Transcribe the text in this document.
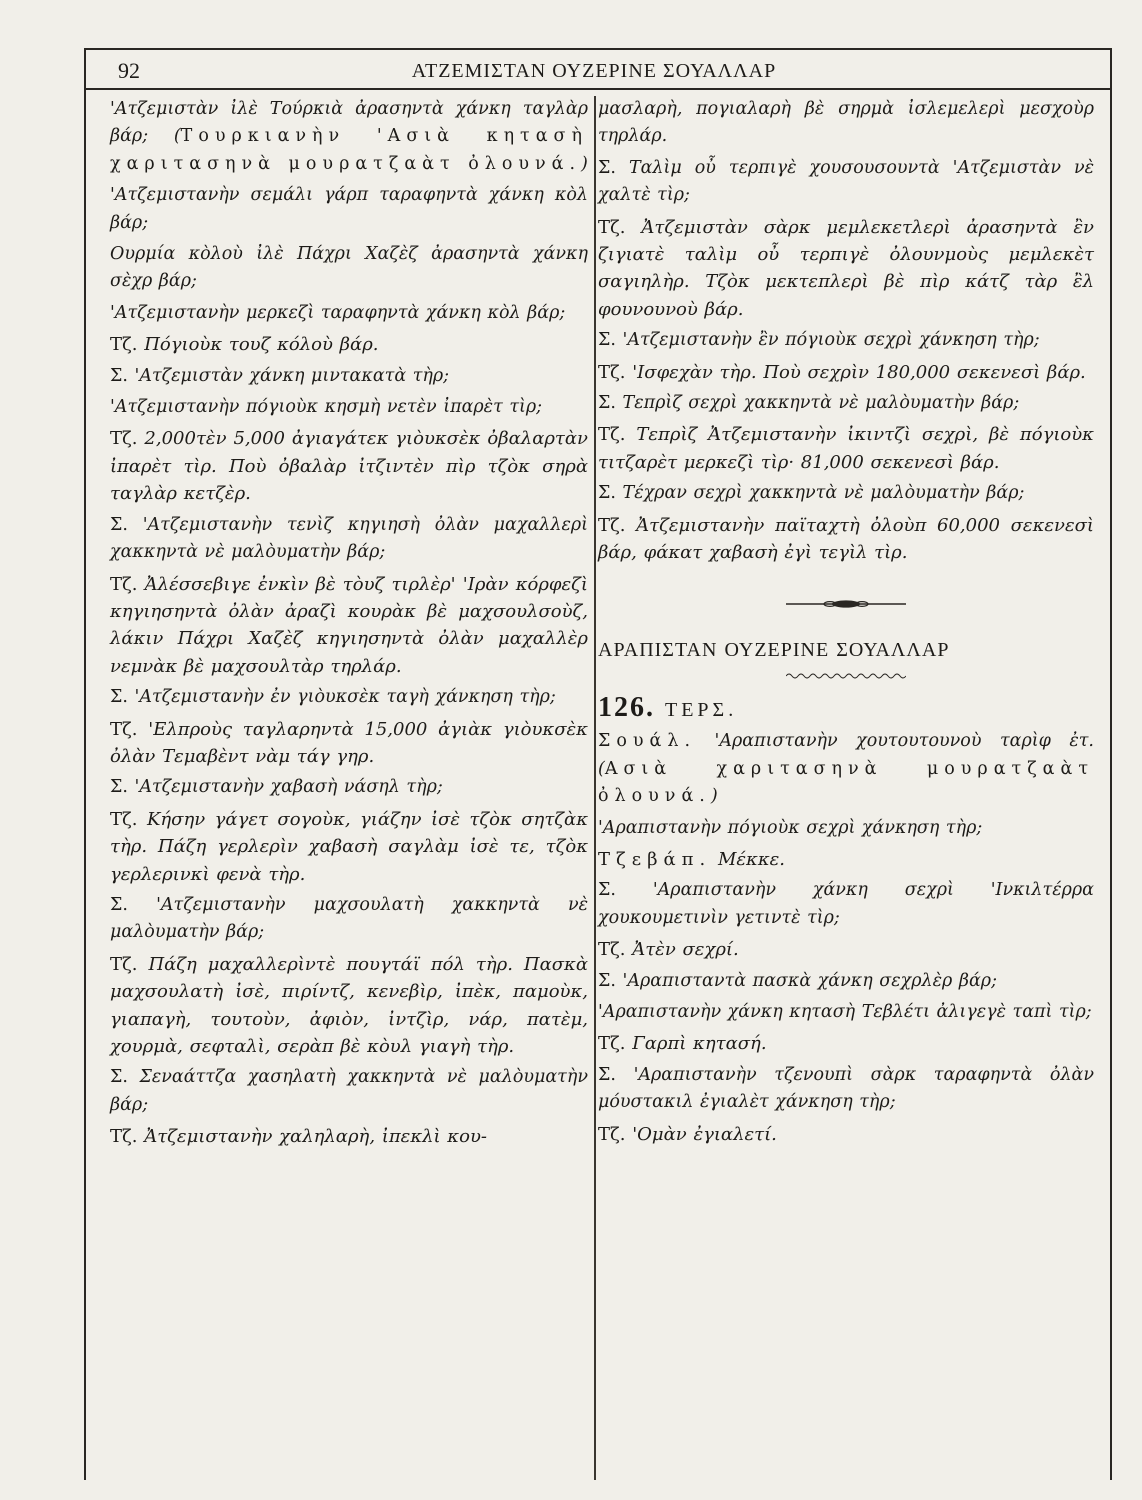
92	ΑΤΖΕΜΙΣΤΑΝ ΟΥΖΕΡΙΝΕ ΣΟΥΑΛΛΑΡ

'Ατζεμιστὰν ἰλὲ Τούρκιὰ ἀρασηντὰ χάνκη ταγλὰρ βάρ; (Τουρκιανὴν 'Ασιὰ κητασὴ χαριτασηνὰ μουρατζαὰτ ὀλουνά.)

'Ατζεμιστανὴν σεμάλι γάρπ ταραφηντὰ χάνκη κὸλ βάρ;

Ουρμία κὸλοὺ ἰλὲ Πάχρι Χαζὲζ ἀρασηντὰ χάνκη σὲχρ βάρ;

'Ατζεμιστανὴν μερκεζὶ ταραφηντὰ χάνκη κὸλ βάρ;

Τζ. Πόγιοὺκ τουζ κόλοὺ βάρ.

Σ. 'Ατζεμιστὰν χάνκη μιντακατὰ τὴρ;

'Ατζεμιστανὴν πόγιοὺκ κησμὴ νετὲν ἰπαρὲτ τὶρ;

Τζ. 2,000τὲν 5,000 ἀγιαγάτεκ γιὸυκσὲκ ὀβαλαρτὰν ἰπαρὲτ τὶρ. Ποὺ ὀβαλὰρ ἰτζιντὲν πὶρ τζὸκ σηρὰ ταγλὰρ κετζὲρ.

Σ. 'Ατζεμιστανὴν τενὶζ κηγιησὴ ὀλὰν μαχαλλερὶ χακκηντὰ νὲ μαλὸυματὴν βάρ;

Τζ. Ἀλέσσεβιγε ἐνκὶν βὲ τὸυζ τιρλὲρ' 'Ιρὰν κόρφεζὶ κηγιησηντὰ ὀλὰν ἀραζὶ κουρὰκ βὲ μαχσουλσοὺζ, λάκιν Πάχρι Χαζὲζ κηγιησηντὰ ὀλὰν μαχαλλὲρ νεμνὰκ βὲ μαχσουλτὰρ τηρλάρ.

Σ. 'Ατζεμιστανὴν ἐν γιὸυκσὲκ ταγὴ χάνκηση τὴρ;

Τζ. 'Ελπροὺς ταγλαρηντὰ 15,000 ἀγιὰκ γιὸυκσὲκ ὀλὰν Τεμαβὲντ νὰμ τάγ γηρ.

Σ. 'Ατζεμιστανὴν χαβασὴ νάσηλ τὴρ;

Τζ. Κήσην γάγετ σογοὺκ, γιάζην ἰσὲ τζὸκ σητζὰκ τὴρ. Πάζη γερλερὶν χαβασὴ σαγλὰμ ἰσὲ τε, τζὸκ γερλερινκὶ φενὰ τὴρ.

Σ. 'Ατζεμιστανὴν μαχσουλατὴ χακκηντὰ νὲ μαλὸυματὴν βάρ;

Τζ. Πάζη μαχαλλερὶντὲ πουγτάϊ πόλ τὴρ. Πασκὰ μαχσουλατὴ ἰσὲ, πιρίντζ, κενεβὶρ, ἰπὲκ, παμοὺκ, γιαπαγὴ, τουτοὺν, ἀφιὸν, ἰντζὶρ, νάρ, πατὲμ, χουρμὰ, σεφταλὶ, σερὰπ βὲ κὸυλ γιαγὴ τὴρ.

Σ. Σεναάττζα χασηλατὴ χακκηντὰ νὲ μαλὸυματὴν βάρ;

Τζ. Ἀτζεμιστανὴν χαληλαρὴ, ἰπεκλὶ κου-

μασλαρὴ, πογιαλαρὴ βὲ σηρμὰ ἰσλεμελερὶ μεσχοὺρ τηρλάρ.

Σ. Ταλὶμ οὖ τερπιγὲ χουσουσουντὰ 'Ατζεμιστὰν νὲ χαλτὲ τὶρ;

Τζ. Ἀτζεμιστὰν σὰρκ μεμλεκετλερὶ ἀρασηντὰ ἒν ζιγιατὲ ταλὶμ οὖ τερπιγὲ ὀλουνμοὺς μεμλεκὲτ σαγιηλὴρ. Τζὸκ μεκτεπλερὶ βὲ πὶρ κάτζ τὰρ ἒλ φουνουνοὺ βάρ.

Σ. 'Ατζεμιστανὴν ἒν πόγιοὺκ σεχρὶ χάνκηση τὴρ;

Τζ. 'Ισφεχὰν τὴρ. Ποὺ σεχρὶν 180,000 σεκενεσὶ βάρ.

Σ. Τεπρὶζ σεχρὶ χακκηντὰ νὲ μαλὸυματὴν βάρ;

Τζ. Τεπρὶζ Ἀτζεμιστανὴν ἰκιντζὶ σεχρὶ, βὲ πόγιοὺκ τιτζαρὲτ μερκεζὶ τὶρ· 81,000 σεκενεσὶ βάρ.

Σ. Τέχραν σεχρὶ χακκηντὰ νὲ μαλὸυματὴν βάρ;

Τζ. Ἀτζεμιστανὴν παϊταχτὴ ὀλοὺπ 60,000 σεκενεσὶ βάρ, φάκατ χαβασὴ ἐγὶ τεγὶλ τὶρ.

ΑΡΑΠΙΣΤΑΝ ΟΥΖΕΡΙΝΕ ΣΟΥΑΛΛΑΡ

126. ΤΕΡΣ.

Σουάλ. 'Αραπιστανὴν χουτουτουνοὺ ταρὶφ ἐτ. (Ασιὰ χαριτασηνὰ μουρατζαὰτ ὀλουνά.)

'Αραπιστανὴν πόγιοὺκ σεχρὶ χάνκηση τὴρ;

Τζεβάπ. Μέκκε.

Σ. 'Αραπιστανὴν χάνκη σεχρὶ 'Ινκιλτέρρα χουκουμετινὶν γετιντὲ τὶρ;

Τζ. Ἀτὲν σεχρί.

Σ. 'Αραπισταντὰ πασκὰ χάνκη σεχρλὲρ βάρ;

'Αραπιστανὴν χάνκη κητασὴ Τεβλέτι ἀλιγεγὲ ταπὶ τὶρ;

Τζ. Γαρπὶ κητασή.

Σ. 'Αραπιστανὴν τζενουπὶ σὰρκ ταραφηντὰ ὀλὰν μόυστακιλ ἐγιαλὲτ χάνκηση τὴρ;

Τζ. 'Ομὰν ἐγιαλετί.
